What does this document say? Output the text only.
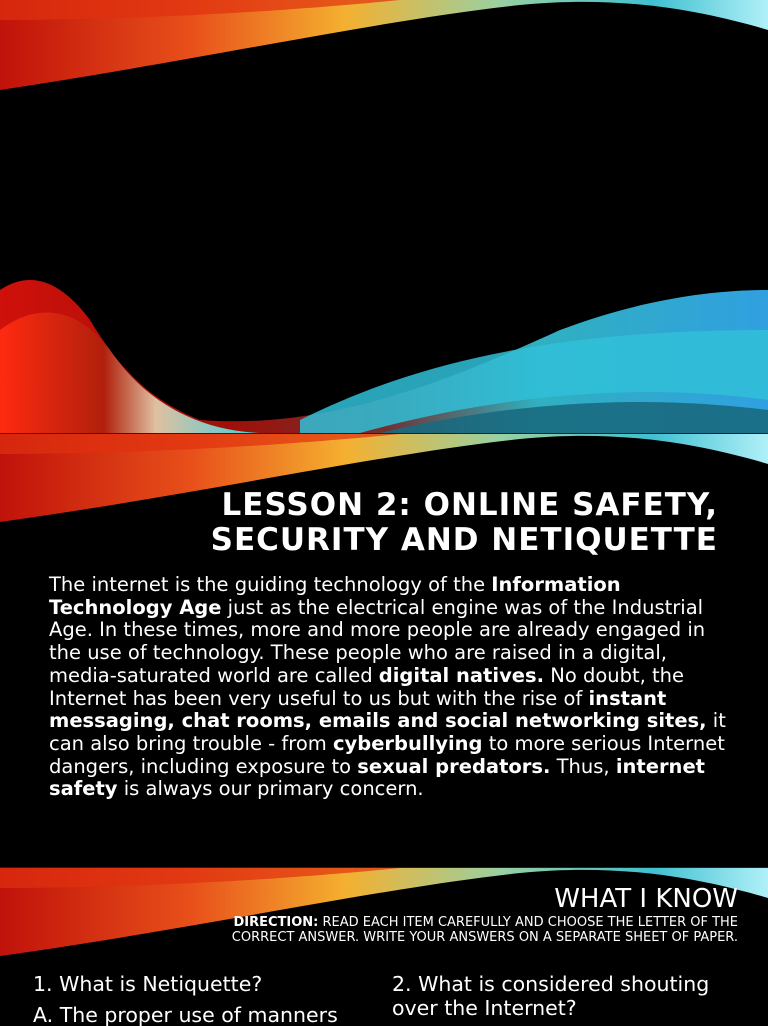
LESSON 2: ONLINE SAFETY,
SECURITY AND NETIQUETTE

The internet is the guiding technology of the Information Technology Age just as the electrical engine was of the Industrial Age. In these times, more and more people are already engaged in the use of technology. These people who are raised in a digital, media-saturated world are called digital natives. No doubt, the Internet has been very useful to us but with the rise of instant messaging, chat rooms, emails and social networking sites, it can also bring trouble - from cyberbullying to more serious Internet dangers, including exposure to sexual predators. Thus, internet safety is always our primary concern.

WHAT I KNOW

DIRECTION: READ EACH ITEM CAREFULLY AND CHOOSE THE LETTER OF THE CORRECT ANSWER. WRITE YOUR ANSWERS ON A SEPARATE SHEET OF PAPER.

1. What is Netiquette?

A. The proper use of manners

2. What is considered shouting over the Internet?
